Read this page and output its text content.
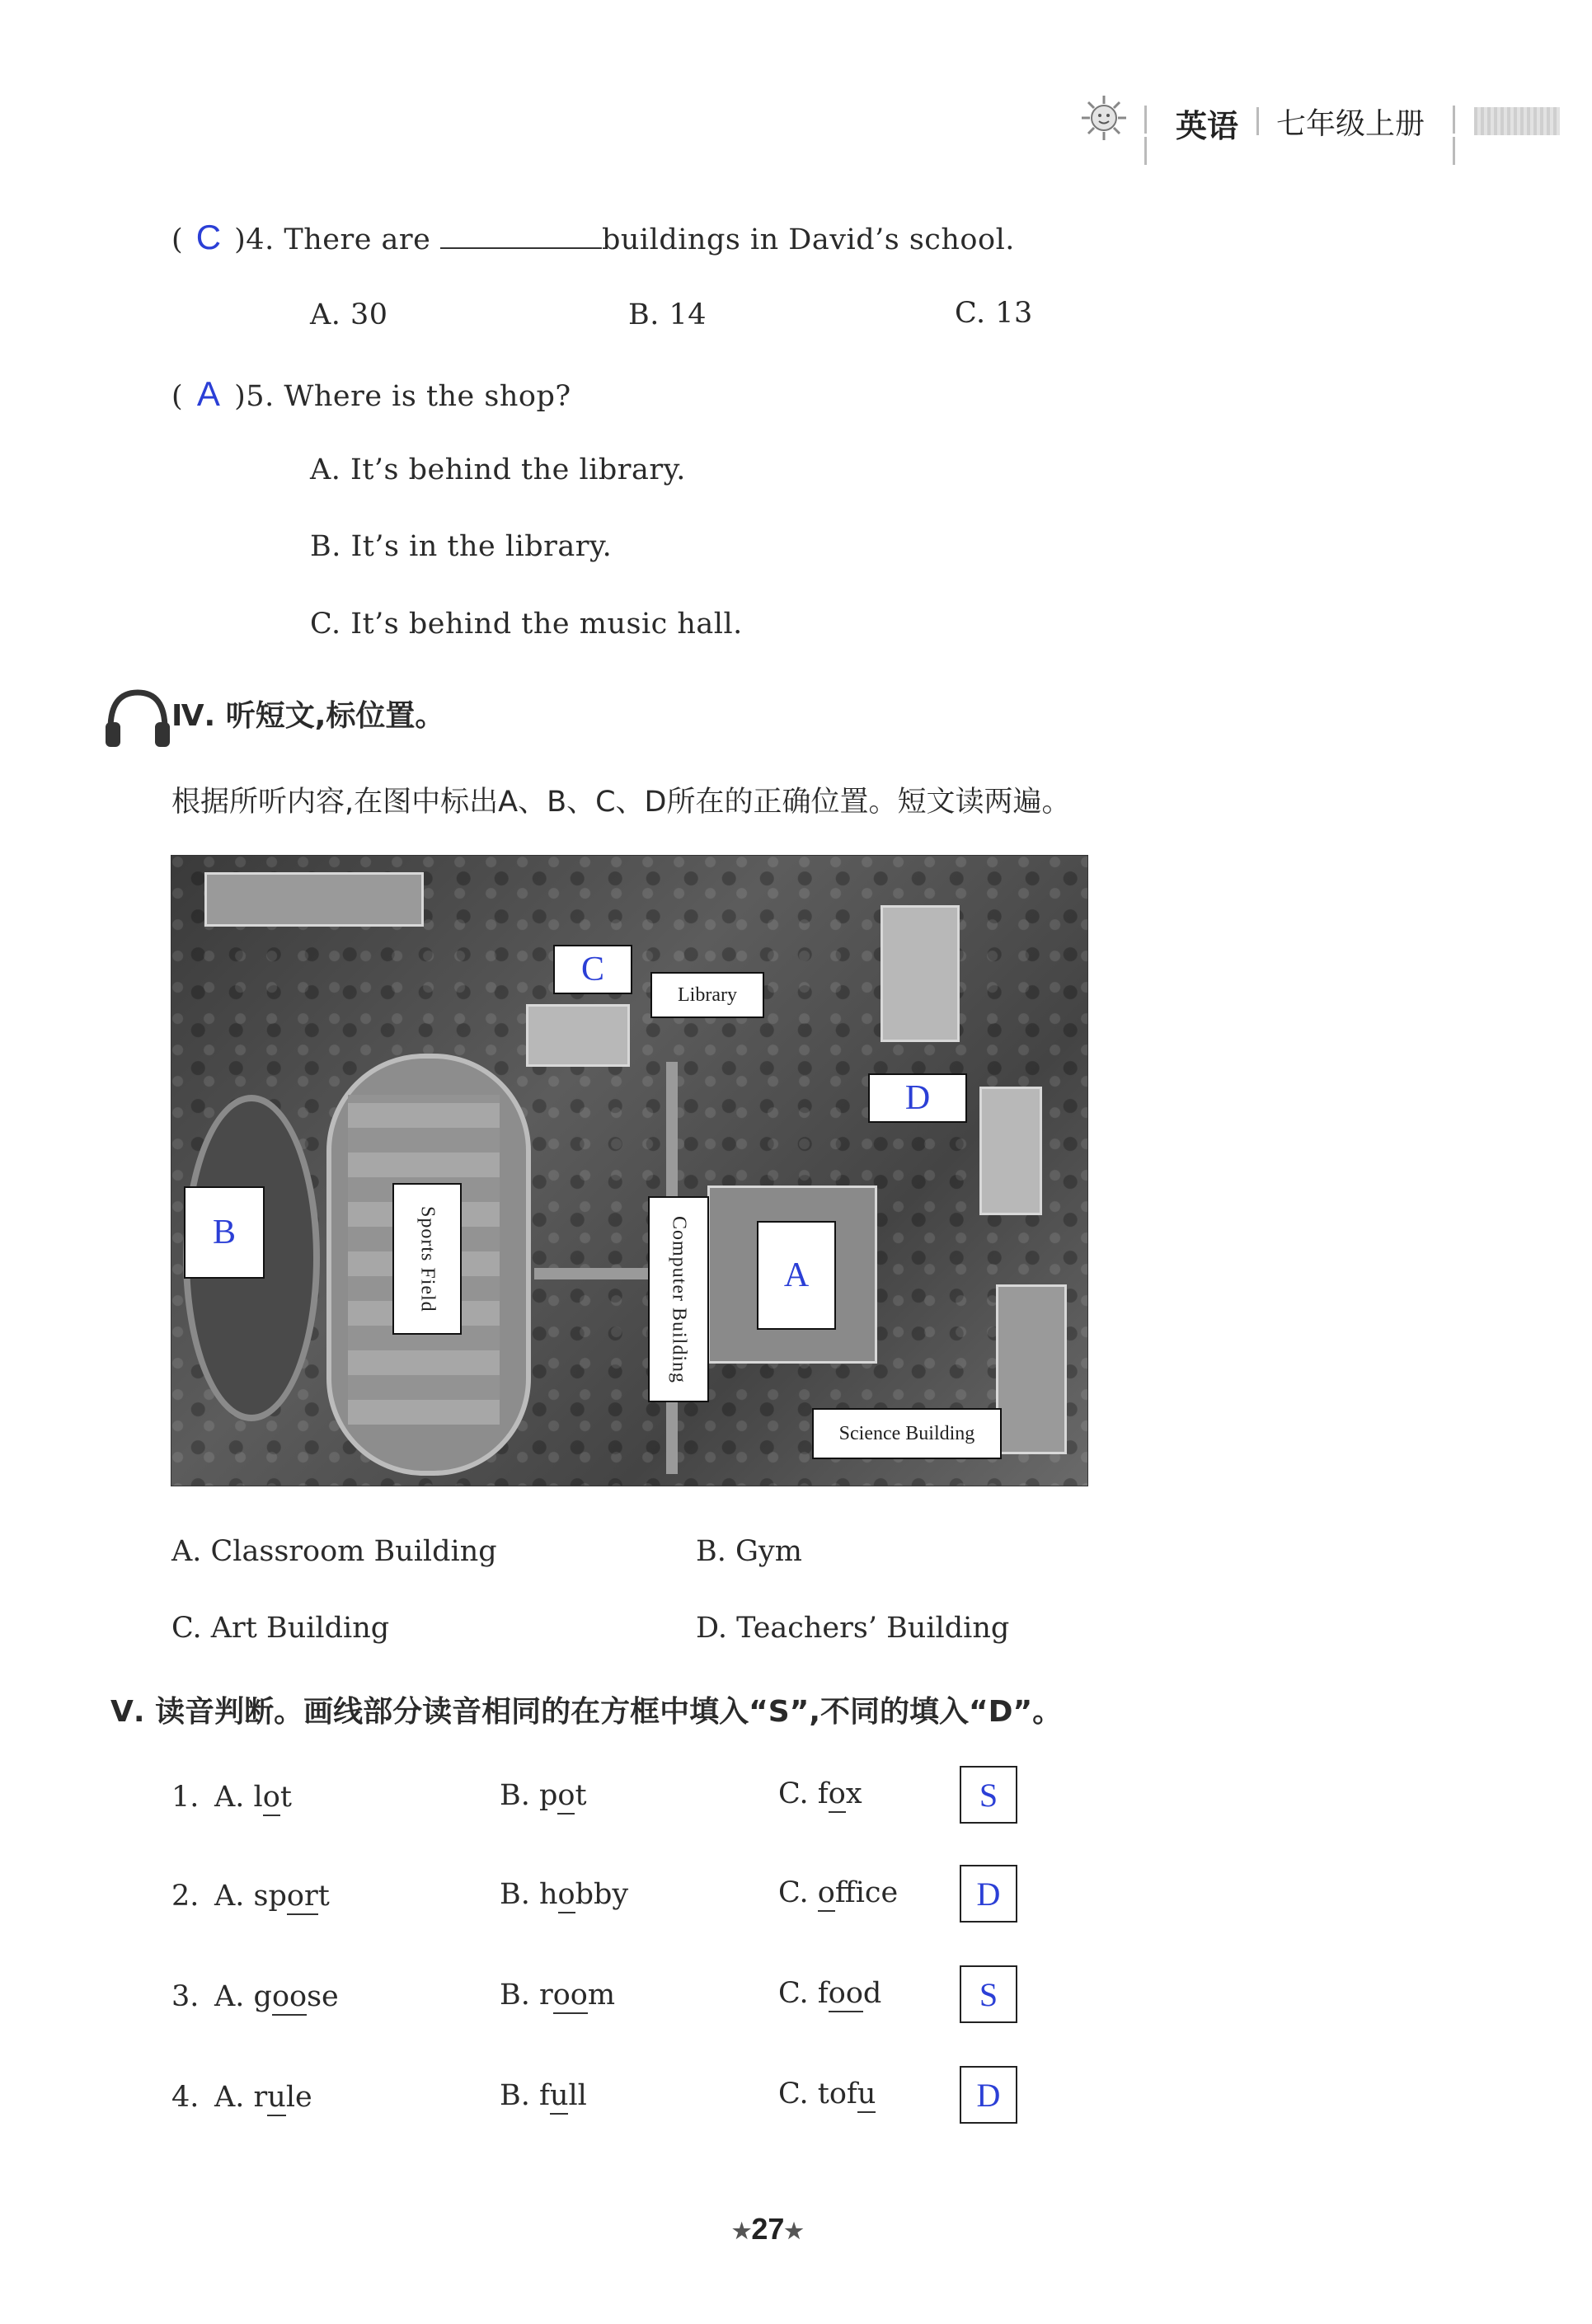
英语 七年级上册
( C )4. There are	buildings in David’s school.
A. 30	B. 14	C. 13
( A )5. Where is the shop?
A. It’s behind the library.
B. It’s in the library.
C. It’s behind the music hall.
Ⅳ. 听短文,标位置。
根据所听内容,在图中标出A、B、C、D所在的正确位置。短文读两遍。
C
Library
D
B	Sports Field	Computer Building	A
Science Building
A. Classroom Building	B. Gym
C. Art Building	D. Teachers’ Building
Ⅴ. 读音判断。画线部分读音相同的在方框中填入“S”,不同的填入“D”。
1. A. lot	B. pot	C. fox	S
2. A. sport	B. hobby	C. office	D
3. A. goose	B. room	C. food	S
4. A. rule	B. full	C. tofu	D
★27★
